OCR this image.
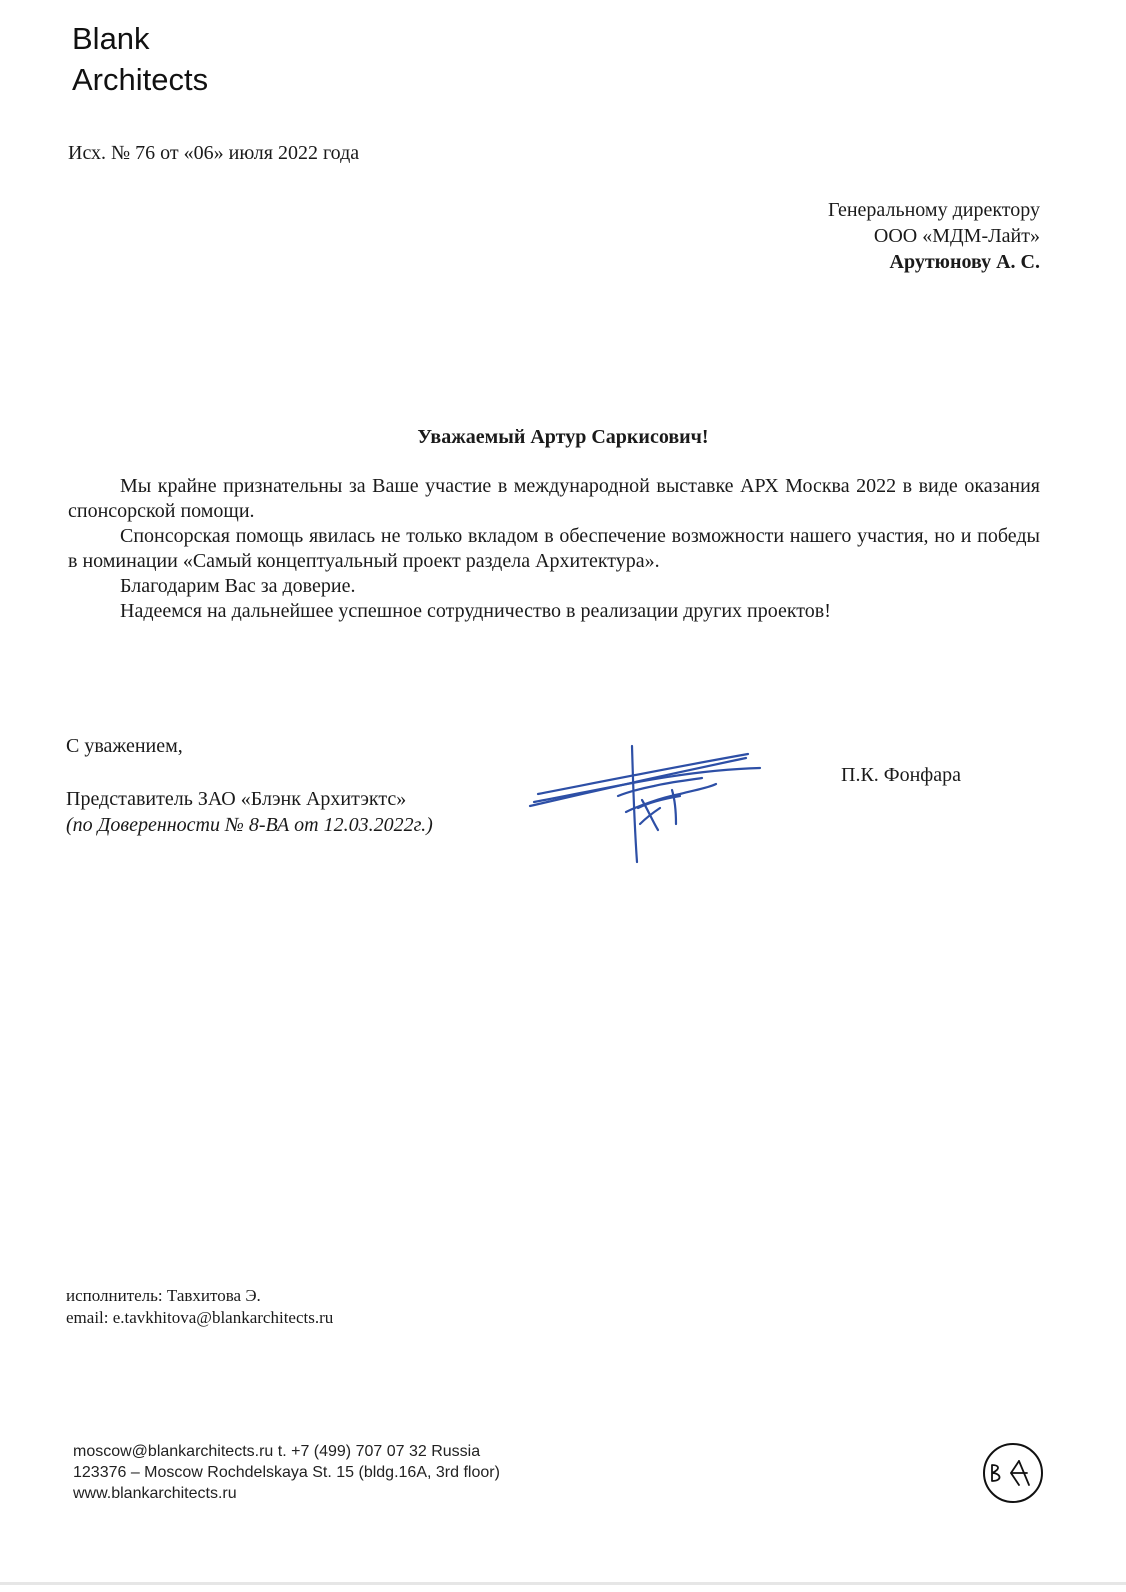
Blank
Architects
Исх. № 76 от «06» июля 2022 года
Генеральному директору
ООО «МДМ-Лайт»
Арутюнову А. С.
Уважаемый Артур Саркисович!

Мы крайне признательны за Ваше участие в международной выставке АРХ Москва 2022 в виде оказания спонсорской помощи.

Спонсорская помощь явилась не только вкладом в обеспечение возможности нашего участия, но и победы в номинации «Самый концептуальный проект раздела Архитектура».

Благодарим Вас за доверие.

Надеемся на дальнейшее успешное сотрудничество в реализации других проектов!

С уважением,
Представитель ЗАО «Блэнк Архитэктс»
(по Доверенности № 8-ВА от 12.03.2022г.)
П.К. Фонфара
исполнитель: Тавхитова Э.
email: e.tavkhitova@blankarchitects.ru
moscow@blankarchitects.ru t. +7 (499) 707 07 32 Russia
123376 – Moscow Rochdelskaya St. 15 (bldg.16A, 3rd floor)
www.blankarchitects.ru
